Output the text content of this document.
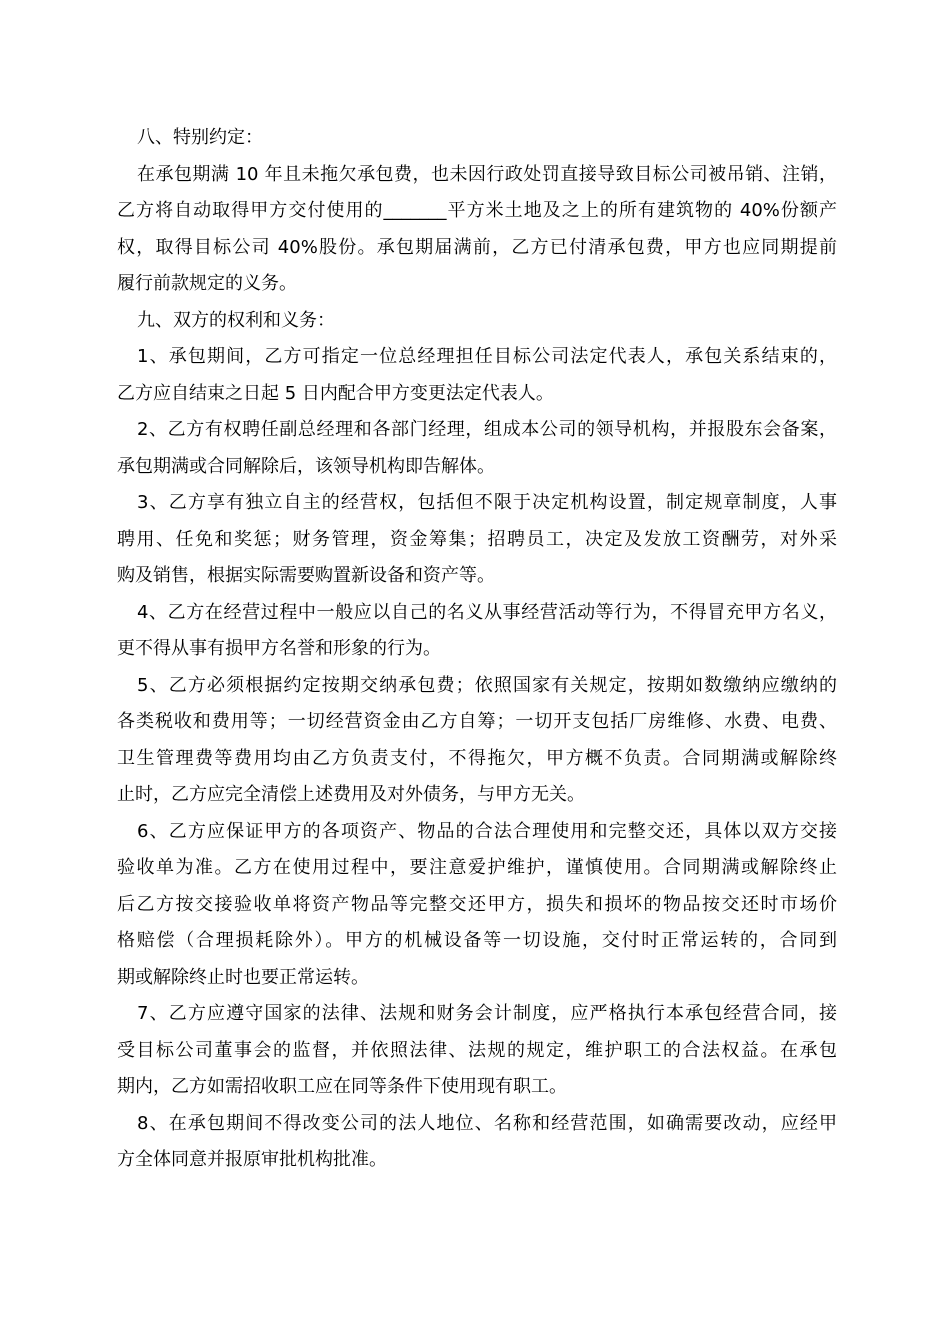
八、特别约定：
在承包期满 10 年且未拖欠承包费，也未因行政处罚直接导致目标公司被吊销、注销，
乙方将自动取得甲方交付使用的_______平方米土地及之上的所有建筑物的 40%份额产
权，取得目标公司 40%股份。承包期届满前，乙方已付清承包费，甲方也应同期提前
履行前款规定的义务。
九、双方的权利和义务：
1、承包期间，乙方可指定一位总经理担任目标公司法定代表人，承包关系结束的，
乙方应自结束之日起 5 日内配合甲方变更法定代表人。
2、乙方有权聘任副总经理和各部门经理，组成本公司的领导机构，并报股东会备案，
承包期满或合同解除后，该领导机构即告解体。
3、乙方享有独立自主的经营权，包括但不限于决定机构设置，制定规章制度，人事
聘用、任免和奖惩；财务管理，资金筹集；招聘员工，决定及发放工资酬劳，对外采
购及销售，根据实际需要购置新设备和资产等。
4、乙方在经营过程中一般应以自己的名义从事经营活动等行为，不得冒充甲方名义，
更不得从事有损甲方名誉和形象的行为。
5、乙方必须根据约定按期交纳承包费；依照国家有关规定，按期如数缴纳应缴纳的
各类税收和费用等；一切经营资金由乙方自筹；一切开支包括厂房维修、水费、电费、
卫生管理费等费用均由乙方负责支付，不得拖欠，甲方概不负责。合同期满或解除终
止时，乙方应完全清偿上述费用及对外债务，与甲方无关。
6、乙方应保证甲方的各项资产、物品的合法合理使用和完整交还，具体以双方交接
验收单为准。乙方在使用过程中，要注意爱护维护，谨慎使用。合同期满或解除终止
后乙方按交接验收单将资产物品等完整交还甲方，损失和损坏的物品按交还时市场价
格赔偿（合理损耗除外）。甲方的机械设备等一切设施，交付时正常运转的，合同到
期或解除终止时也要正常运转。
7、乙方应遵守国家的法律、法规和财务会计制度，应严格执行本承包经营合同，接
受目标公司董事会的监督，并依照法律、法规的规定，维护职工的合法权益。在承包
期内，乙方如需招收职工应在同等条件下使用现有职工。
8、在承包期间不得改变公司的法人地位、名称和经营范围，如确需要改动，应经甲
方全体同意并报原审批机构批准。
